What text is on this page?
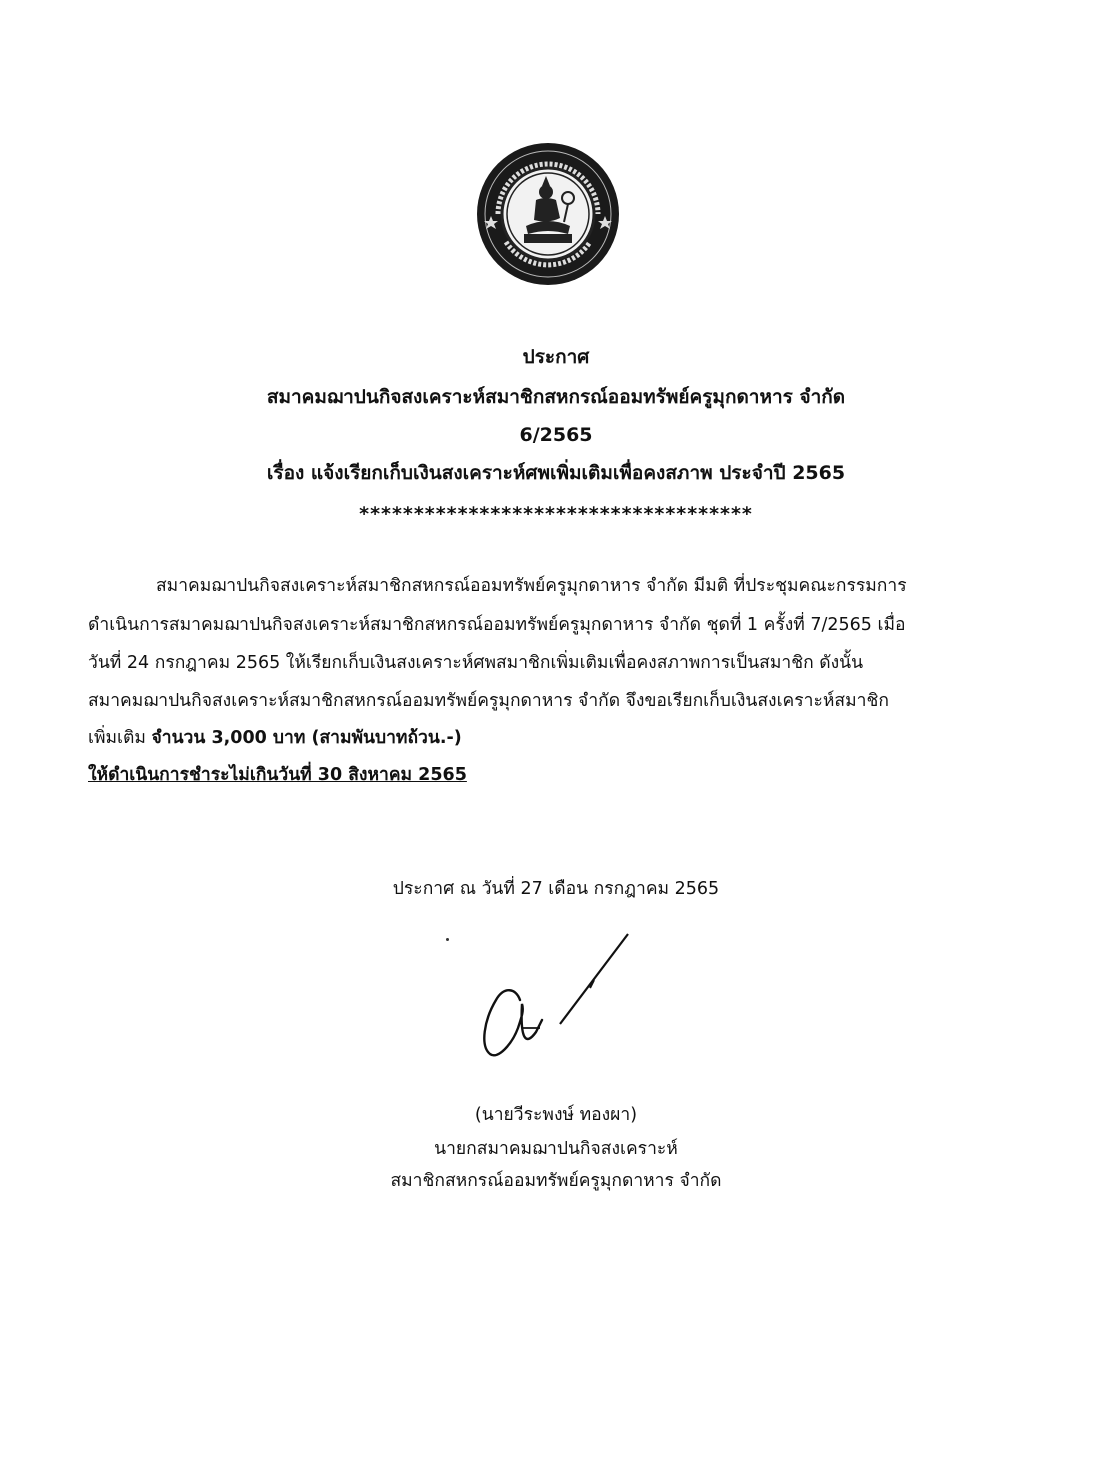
ประกาศ
สมาคมฌาปนกิจสงเคราะห์สมาชิกสหกรณ์ออมทรัพย์ครูมุกดาหาร จำกัด
6/2565
เรื่อง แจ้งเรียกเก็บเงินสงเคราะห์ศพเพิ่มเติมเพื่อคงสภาพ ประจำปี 2565
************************************
สมาคมฌาปนกิจสงเคราะห์สมาชิกสหกรณ์ออมทรัพย์ครูมุกดาหาร จำกัด มีมติ ที่ประชุมคณะกรรมการ
ดำเนินการสมาคมฌาปนกิจสงเคราะห์สมาชิกสหกรณ์ออมทรัพย์ครูมุกดาหาร จำกัด ชุดที่ 1 ครั้งที่ 7/2565 เมื่อ
วันที่ 24 กรกฎาคม 2565 ให้เรียกเก็บเงินสงเคราะห์ศพสมาชิกเพิ่มเติมเพื่อคงสภาพการเป็นสมาชิก ดังนั้น
สมาคมฌาปนกิจสงเคราะห์สมาชิกสหกรณ์ออมทรัพย์ครูมุกดาหาร จำกัด จึงขอเรียกเก็บเงินสงเคราะห์สมาชิก
เพิ่มเติม จำนวน 3,000 บาท (สามพันบาทถ้วน.-)
ให้ดำเนินการชำระไม่เกินวันที่ 30 สิงหาคม 2565
ประกาศ ณ วันที่ 27 เดือน กรกฎาคม 2565
(นายวีระพงษ์ ทองผา)
นายกสมาคมฌาปนกิจสงเคราะห์
สมาชิกสหกรณ์ออมทรัพย์ครูมุกดาหาร จำกัด
